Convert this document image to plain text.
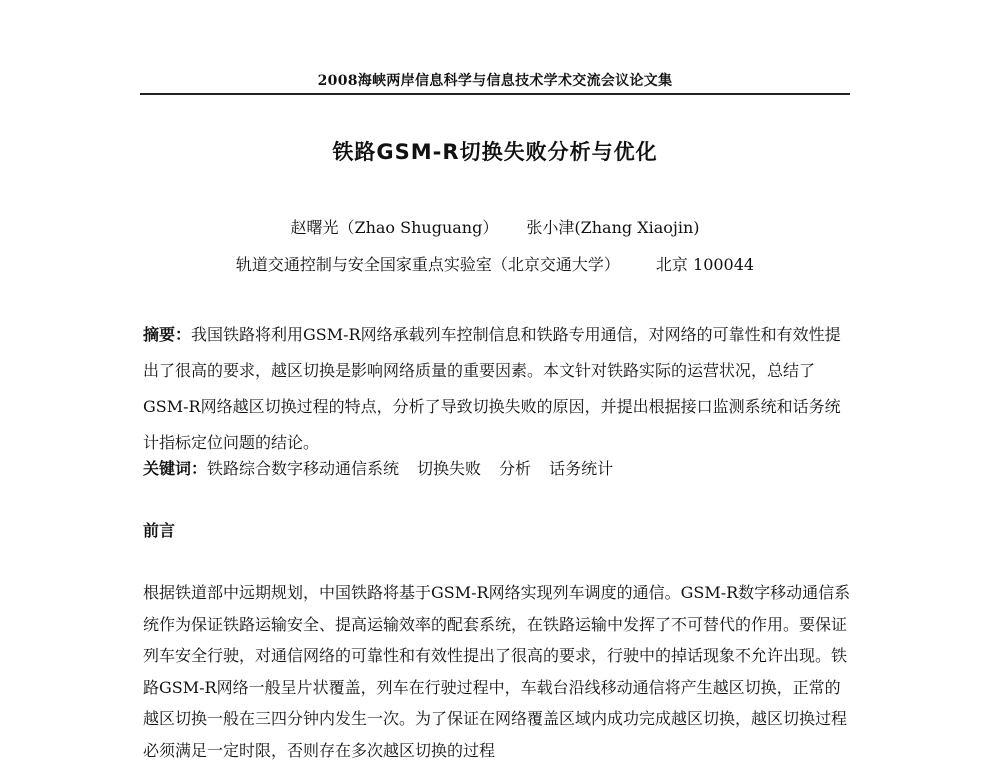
2008海峡两岸信息科学与信息技术学术交流会议论文集
铁路GSM-R切换失败分析与优化
赵曙光（Zhao Shuguang） 张小津(Zhang Xiaojin)
轨道交通控制与安全国家重点实验室（北京交通大学） 北京 100044

摘要：我国铁路将利用GSM-R网络承载列车控制信息和铁路专用通信，对网络的可靠性和有效性提出了很高的要求，越区切换是影响网络质量的重要因素。本文针对铁路实际的运营状况，总结了GSM-R网络越区切换过程的特点，分析了导致切换失败的原因，并提出根据接口监测系统和话务统计指标定位问题的结论。

关键词：铁路综合数字移动通信系统 切换失败 分析 话务统计
前言

根据铁道部中远期规划，中国铁路将基于GSM-R网络实现列车调度的通信。GSM-R数字移动通信系统作为保证铁路运输安全、提高运输效率的配套系统，在铁路运输中发挥了不可替代的作用。要保证列车安全行驶，对通信网络的可靠性和有效性提出了很高的要求，行驶中的掉话现象不允许出现。铁路GSM-R网络一般呈片状覆盖，列车在行驶过程中，车载台沿线移动通信将产生越区切换，正常的越区切换一般在三四分钟内发生一次。为了保证在网络覆盖区域内成功完成越区切换，越区切换过程必须满足一定时限，否则存在多次越区切换的过程
